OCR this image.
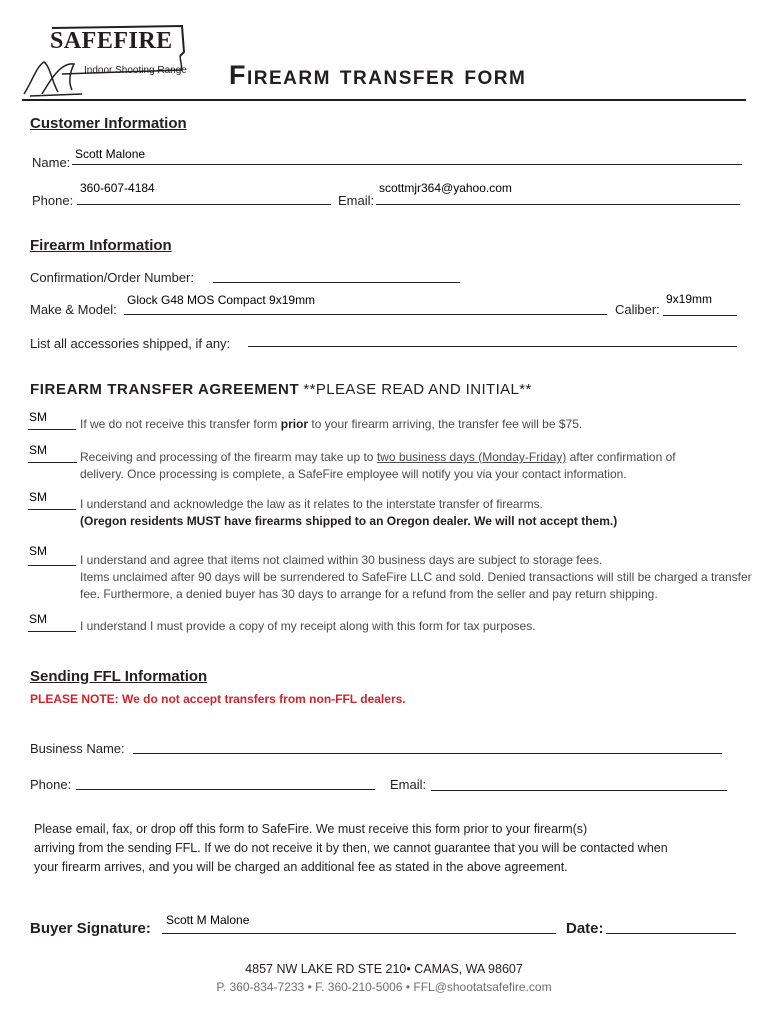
SAFEFIRE
Indoor Shooting Range Firearm transfer form
Customer Information
Name:
Scott Malone
Phone:
360-607-4184
Email:
scottmjr364@yahoo.com
Firearm Information
Confirmation/Order Number:
Make & Model:
Glock G48 MOS Compact 9x19mm
Caliber:
9x19mm
List all accessories shipped, if any:
FIREARM TRANSFER AGREEMENT **PLEASE READ AND INITIAL**
SM	If we do not receive this transfer form prior to your firearm arriving, the transfer fee will be $75.
SM	Receiving and processing of the firearm may take up to two business days (Monday-Friday) after confirmation of
delivery. Once processing is complete, a SafeFire employee will notify you via your contact information.
SM	I understand and acknowledge the law as it relates to the interstate transfer of firearms.
(Oregon residents MUST have firearms shipped to an Oregon dealer. We will not accept them.)
SM
I understand and agree that items not claimed within 30 business days are subject to storage fees.
Items unclaimed after 90 days will be surrendered to SafeFire LLC and sold. Denied transactions will still be charged a transfer
fee. Furthermore, a denied buyer has 30 days to arrange for a refund from the seller and pay return shipping.
SM	I understand I must provide a copy of my receipt along with this form for tax purposes.
Sending FFL Information
PLEASE NOTE: We do not accept transfers from non-FFL dealers.
Business Name:
Phone:	Email:
Please email, fax, or drop off this form to SafeFire. We must receive this form prior to your firearm(s)
arriving from the sending FFL. If we do not receive it by then, we cannot guarantee that you will be contacted when
your firearm arrives, and you will be charged an additional fee as stated in the above agreement.
Buyer Signature: Scott M Malone	Date:
4857 NW LAKE RD STE 210• CAMAS, WA 98607
P. 360-834-7233 • F. 360-210-5006 • FFL@shootatsafefire.com
